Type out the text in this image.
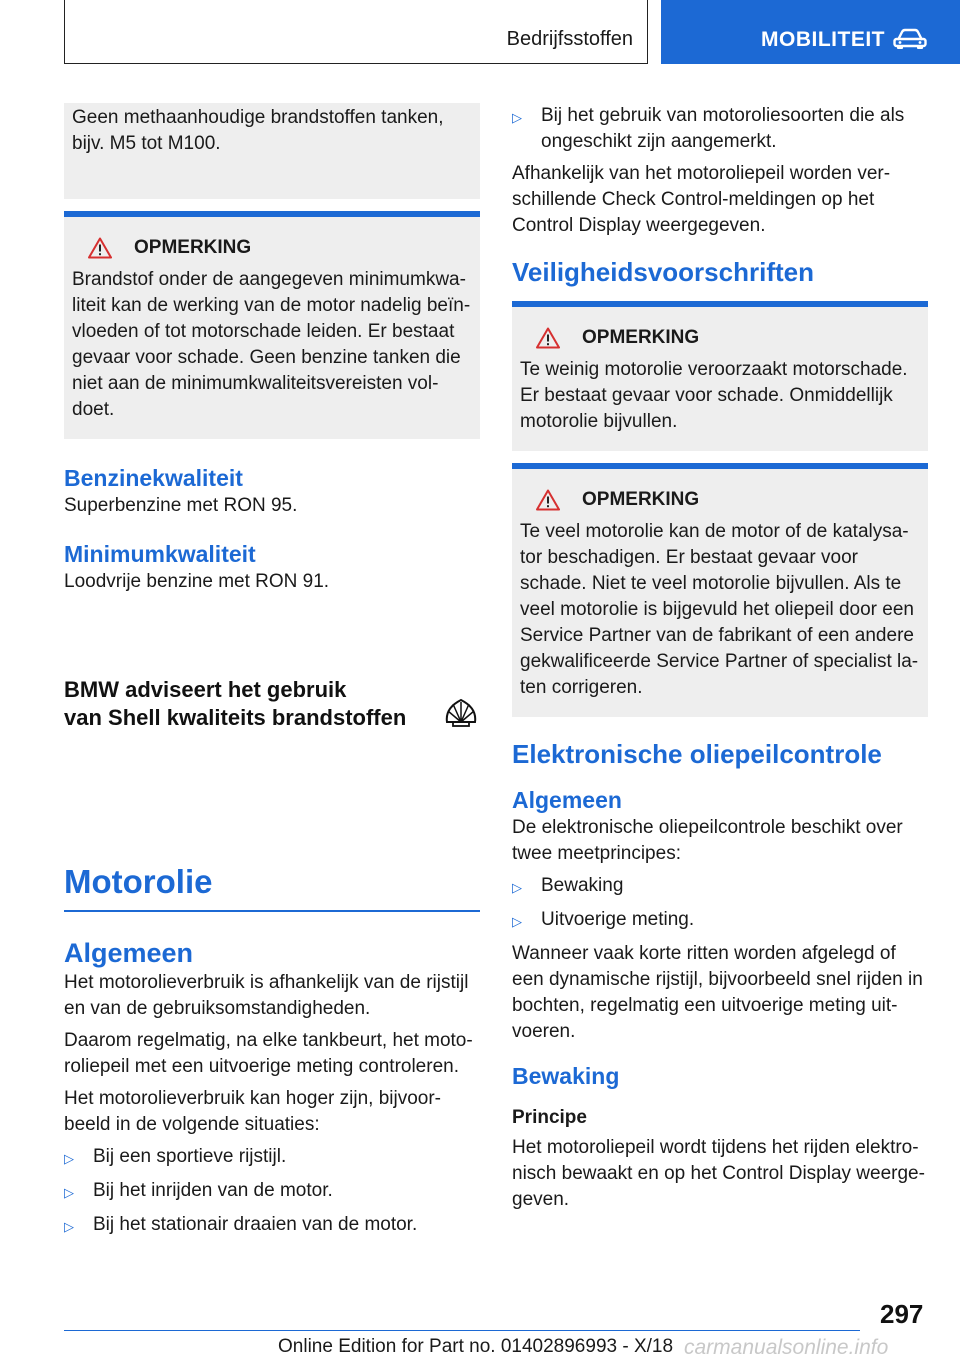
Bedrijfsstoffen	MOBILITEIT

Geen methaanhoudige brandstoffen tanken, bijv. M5 tot M100.

OPMERKING

Brandstof onder de aangegeven minimumkwa-liteit kan de werking van de motor nadelig beïn-vloeden of tot motorschade leiden. Er bestaat gevaar voor schade. Geen benzine tanken die niet aan de minimumkwaliteitsvereisten vol-doet.

Benzinekwaliteit

Superbenzine met RON 95.

Minimumkwaliteit

Loodvrije benzine met RON 91.

BMW adviseert het gebruik
van Shell kwaliteits brandstoffen
Motorolie
Algemeen

Het motorolieverbruik is afhankelijk van de rijstijl en van de gebruiksomstandigheden.

Daarom regelmatig, na elke tankbeurt, het moto-roliepeil met een uitvoerige meting controleren.

Het motorolieverbruik kan hoger zijn, bijvoor-beeld in de volgende situaties:

▷	Bij een sportieve rijstijl.
▷	Bij het inrijden van de motor.
▷	Bij het stationair draaien van de motor.
▷	Bij het gebruik van motoroliesoorten die als ongeschikt zijn aangemerkt.

Afhankelijk van het motoroliepeil worden ver-schillende Check Control-meldingen op het Control Display weergegeven.

Veiligheidsvoorschriften
OPMERKING

Te weinig motorolie veroorzaakt motorschade. Er bestaat gevaar voor schade. Onmiddellijk motorolie bijvullen.

OPMERKING

Te veel motorolie kan de motor of de katalysa-tor beschadigen. Er bestaat gevaar voor schade. Niet te veel motorolie bijvullen. Als te veel motorolie is bijgevuld het oliepeil door een Service Partner van de fabrikant of een andere gekwalificeerde Service Partner of specialist la-ten corrigeren.

Elektronische oliepeilcontrole
Algemeen

De elektronische oliepeilcontrole beschikt over twee meetprincipes:

▷	Bewaking
▷	Uitvoerige meting.

Wanneer vaak korte ritten worden afgelegd of een dynamische rijstijl, bijvoorbeeld snel rijden in bochten, regelmatig een uitvoerige meting uit-voeren.

Bewaking

Principe

Het motoroliepeil wordt tijdens het rijden elektro-nisch bewaakt en op het Control Display weerge-geven.

297
Online Edition for Part no. 01402896993 - X/18 carmanualsonline.info
